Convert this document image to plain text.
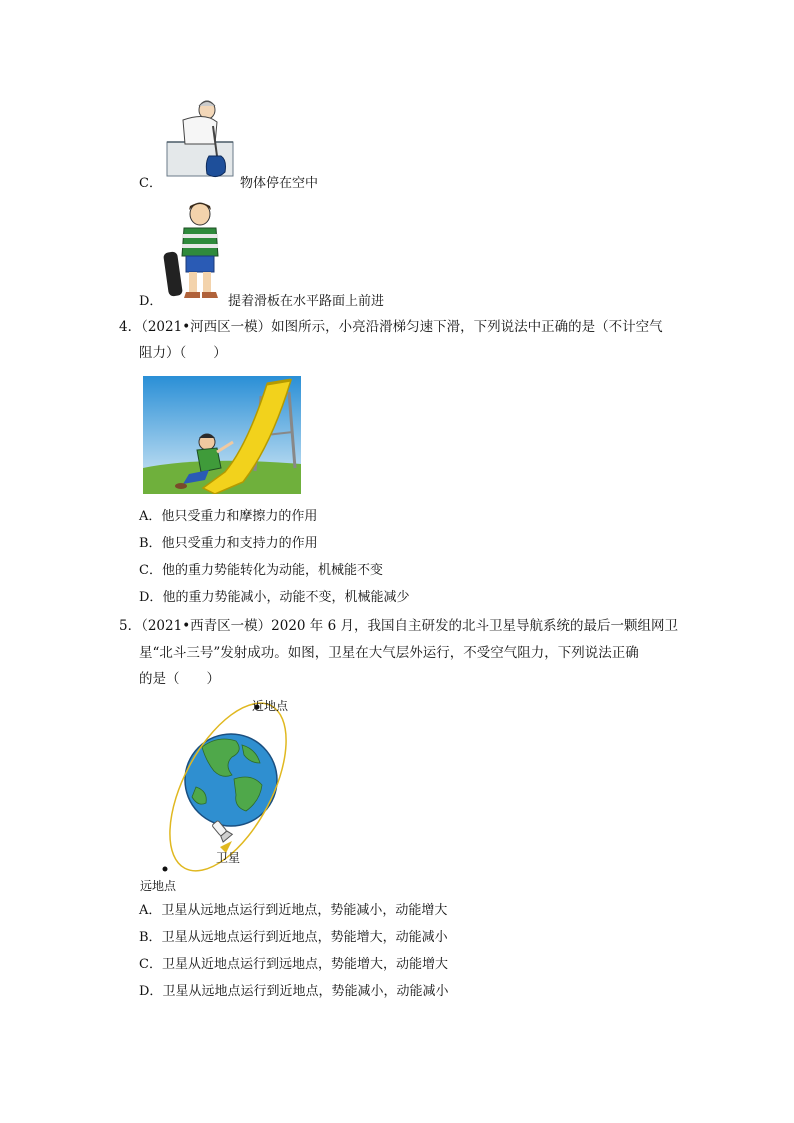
C．	物体停在空中
D．	提着滑板在水平路面上前进
4．（2021•河西区一模）如图所示，小亮沿滑梯匀速下滑，下列说法中正确的是（不计空气
阻力）（　　）
A．他只受重力和摩擦力的作用
B．他只受重力和支持力的作用
C．他的重力势能转化为动能，机械能不变
D．他的重力势能减小，动能不变，机械能减少
5．（2021•西青区一模）2020 年 6 月，我国自主研发的北斗卫星导航系统的最后一颗组网卫
星“北斗三号”发射成功。如图，卫星在大气层外运行，不受空气阻力，下列说法正确
的是（　　）
近地点
卫星
远地点
A．卫星从远地点运行到近地点，势能减小，动能增大
B．卫星从远地点运行到近地点，势能增大，动能减小
C．卫星从近地点运行到远地点，势能增大，动能增大
D．卫星从远地点运行到近地点，势能减小，动能减小
